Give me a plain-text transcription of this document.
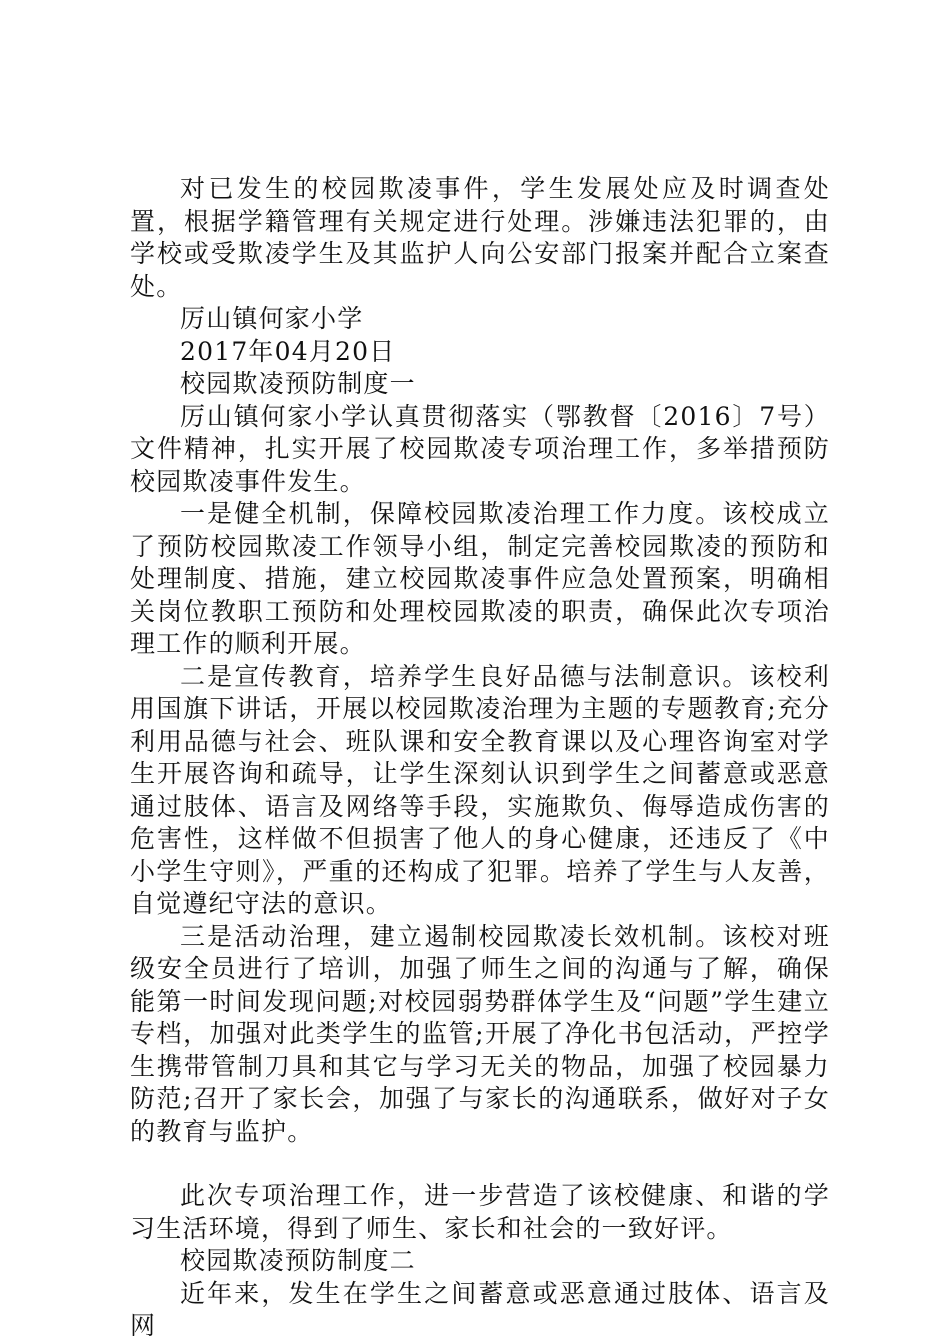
对已发生的校园欺凌事件，学生发展处应及时调查处置，根据学籍管理有关规定进行处理。涉嫌违法犯罪的，由学校或受欺凌学生及其监护人向公安部门报案并配合立案查处。

厉山镇何家小学

2017年04月20日

校园欺凌预防制度一

厉山镇何家小学认真贯彻落实（鄂教督〔2016〕7号）文件精神，扎实开展了校园欺凌专项治理工作，多举措预防校园欺凌事件发生。

一是健全机制，保障校园欺凌治理工作力度。该校成立了预防校园欺凌工作领导小组，制定完善校园欺凌的预防和处理制度、措施，建立校园欺凌事件应急处置预案，明确相关岗位教职工预防和处理校园欺凌的职责，确保此次专项治理工作的顺利开展。

二是宣传教育，培养学生良好品德与法制意识。该校利用国旗下讲话，开展以校园欺凌治理为主题的专题教育;充分利用品德与社会、班队课和安全教育课以及心理咨询室对学生开展咨询和疏导，让学生深刻认识到学生之间蓄意或恶意通过肢体、语言及网络等手段，实施欺负、侮辱造成伤害的危害性，这样做不但损害了他人的身心健康，还违反了《中小学生守则》，严重的还构成了犯罪。培养了学生与人友善，自觉遵纪守法的意识。

三是活动治理，建立遏制校园欺凌长效机制。该校对班级安全员进行了培训，加强了师生之间的沟通与了解，确保能第一时间发现问题;对校园弱势群体学生及“问题”学生建立专档，加强对此类学生的监管;开展了净化书包活动，严控学生携带管制刀具和其它与学习无关的物品，加强了校园暴力防范;召开了家长会，加强了与家长的沟通联系，做好对子女的教育与监护。

此次专项治理工作，进一步营造了该校健康、和谐的学习生活环境，得到了师生、家长和社会的一致好评。

校园欺凌预防制度二

近年来，发生在学生之间蓄意或恶意通过肢体、语言及网
